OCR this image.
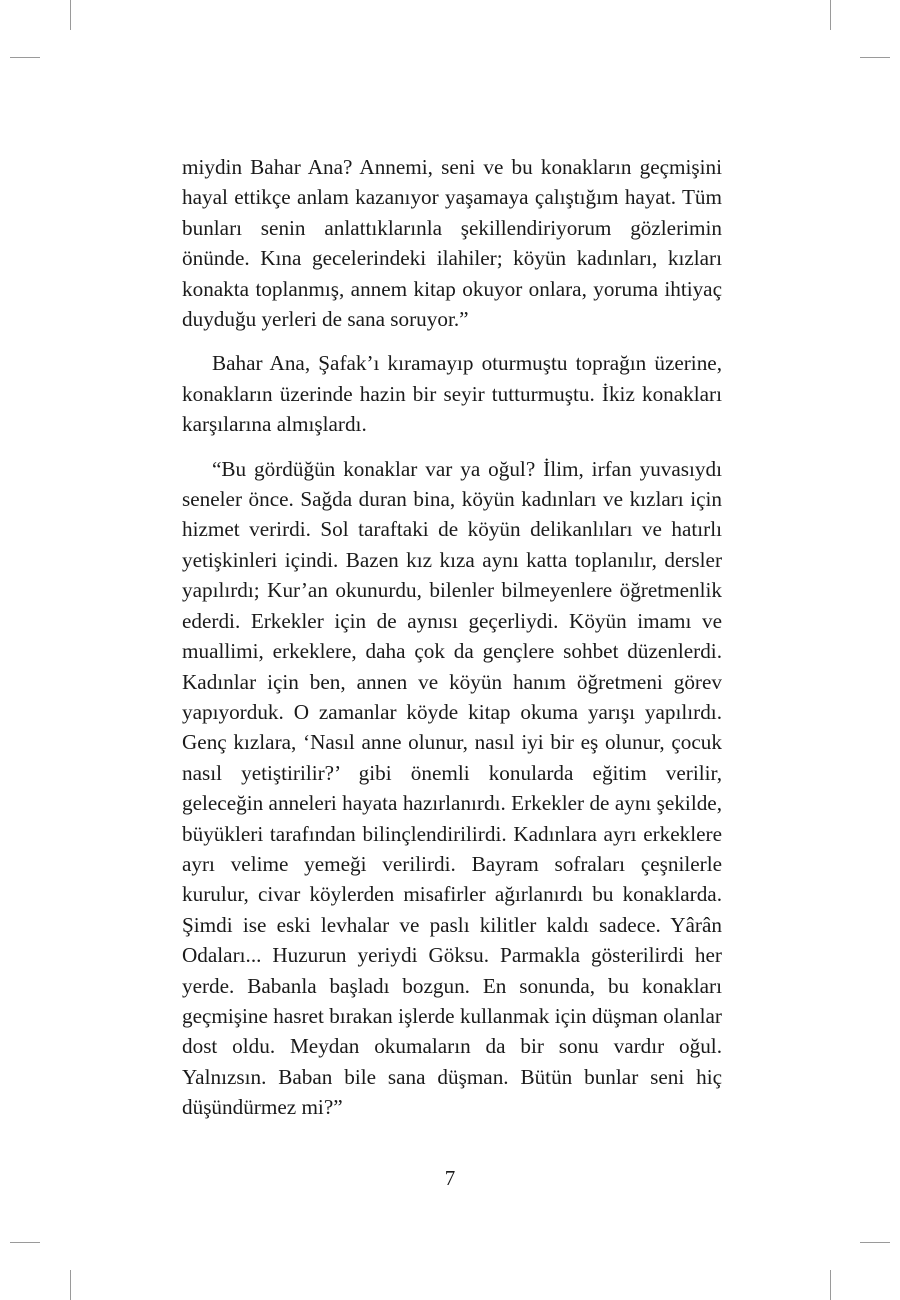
miydin Bahar Ana? Annemi, seni ve bu konakların geçmişini hayal ettikçe anlam kazanıyor yaşamaya çalıştığım hayat. Tüm bunları senin anlattıklarınla şekillendiriyorum gözlerimin önünde. Kına gecelerindeki ilahiler; köyün kadınları, kızları konakta toplanmış, annem kitap okuyor onlara, yoruma ihtiyaç duyduğu yerleri de sana soruyor.”

Bahar Ana, Şafak’ı kıramayıp oturmuştu toprağın üzerine, konakların üzerinde hazin bir seyir tutturmuştu. İkiz konakları karşılarına almışlardı.

“Bu gördüğün konaklar var ya oğul? İlim, irfan yuvasıydı seneler önce. Sağda duran bina, köyün kadınları ve kızları için hizmet verirdi. Sol taraftaki de köyün delikanlıları ve hatırlı yetişkinleri içindi. Bazen kız kıza aynı katta toplanılır, dersler yapılırdı; Kur’an okunurdu, bilenler bilmeyenlere öğretmenlik ederdi. Erkekler için de aynısı geçerliydi. Köyün imamı ve muallimi, erkeklere, daha çok da gençlere sohbet düzenlerdi. Kadınlar için ben, annen ve köyün hanım öğretmeni görev yapıyorduk. O zamanlar köyde kitap okuma yarışı yapılırdı. Genç kızlara, ‘Nasıl anne olunur, nasıl iyi bir eş olunur, çocuk nasıl yetiştirilir?’ gibi önemli konularda eğitim verilir, geleceğin anneleri hayata hazırlanırdı. Erkekler de aynı şekilde, büyükleri tarafından bilinçlendirilirdi. Kadınlara ayrı erkeklere ayrı velime yemeği verilirdi. Bayram sofraları çeşnilerle kurulur, civar köylerden misafirler ağırlanırdı bu konaklarda. Şimdi ise eski levhalar ve paslı kilitler kaldı sadece. Yârân Odaları... Huzurun yeriydi Göksu. Parmakla gösterilirdi her yerde. Babanla başladı bozgun. En sonunda, bu konakları geçmişine hasret bırakan işlerde kullanmak için düşman olanlar dost oldu. Meydan okumaların da bir sonu vardır oğul. Yalnızsın. Baban bile sana düşman. Bütün bunlar seni hiç düşündürmez mi?”

7
